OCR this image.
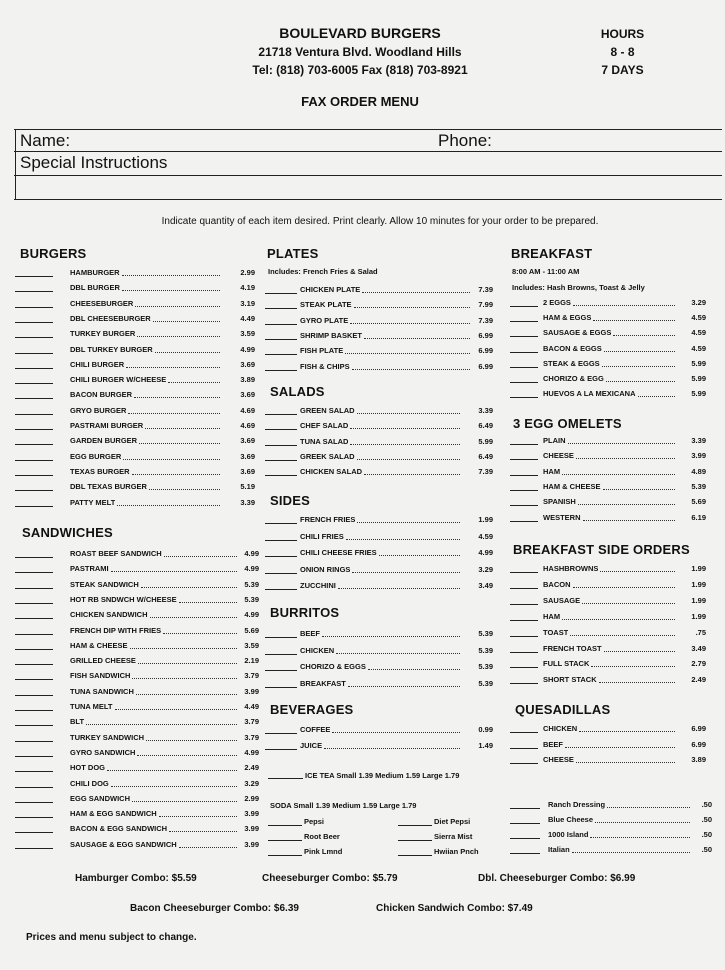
BOULEVARD BURGERS
21718 Ventura Blvd. Woodland Hills
Tel: (818) 703-6005 Fax (818) 703-8921
HOURS
8 - 8
7 DAYS
FAX ORDER MENU
Name:	Phone:
Special Instructions
Indicate quantity of each item desired. Print clearly. Allow 10 minutes for your order to be prepared.
BURGERS
SANDWICHES
PLATES
Includes: French Fries & Salad
SALADS
SIDES
BURRITOS
BEVERAGES
BREAKFAST
8:00 AM - 11:00 AM
Includes: Hash Browns, Toast & Jelly
3 EGG OMELETS
BREAKFAST SIDE ORDERS
QUESADILLAS
HAMBURGER	2.99
DBL BURGER	4.19
CHEESEBURGER	3.19
DBL CHEESEBURGER	4.49
TURKEY BURGER	3.59
DBL TURKEY BURGER	4.99
CHILI BURGER	3.69
CHILI BURGER W/CHEESE	3.89
BACON BURGER	3.69
GRYO BURGER	4.69
PASTRAMI BURGER	4.69
GARDEN BURGER	3.69
EGG BURGER	3.69
TEXAS BURGER	3.69
DBL TEXAS BURGER	5.19
PATTY MELT	3.39
ROAST BEEF SANDWICH	4.99
PASTRAMI	4.99
STEAK SANDWICH	5.39
HOT RB SNDWCH W/CHEESE	5.39
CHICKEN SANDWICH	4.99
FRENCH DIP WITH FRIES	5.69
HAM & CHEESE	3.59
GRILLED CHEESE	2.19
FISH SANDWICH	3.79
TUNA SANDWICH	3.99
TUNA MELT	4.49
BLT	3.79
TURKEY SANDWICH	3.79
GYRO SANDWICH	4.99
HOT DOG	2.49
CHILI DOG	3.29
EGG SANDWICH	2.99
HAM & EGG SANDWICH	3.99
BACON & EGG SANDWICH	3.99
SAUSAGE & EGG SANDWICH	3.99
CHICKEN PLATE	7.39
STEAK PLATE	7.99
GYRO PLATE	7.39
SHRIMP BASKET	6.99
FISH PLATE	6.99
FISH & CHIPS	6.99
GREEN SALAD	3.39
CHEF SALAD	6.49
TUNA SALAD	5.99
GREEK SALAD	6.49
CHICKEN SALAD	7.39
FRENCH FRIES	1.99
CHILI FRIES	4.59
CHILI CHEESE FRIES	4.99
ONION RINGS	3.29
ZUCCHINI	3.49
BEEF	5.39
CHICKEN	5.39
CHORIZO & EGGS	5.39
BREAKFAST	5.39
COFFEE	0.99
JUICE	1.49
2 EGGS	3.29
HAM & EGGS	4.59
SAUSAGE & EGGS	4.59
BACON & EGGS	4.59
STEAK & EGGS	5.99
CHORIZO & EGG	5.99
HUEVOS A LA MEXICANA	5.99
PLAIN	3.39
CHEESE	3.99
HAM	4.89
HAM & CHEESE	5.39
SPANISH	5.69
WESTERN	6.19
HASHBROWNS	1.99
BACON	1.99
SAUSAGE	1.99
HAM	1.99
TOAST	.75
FRENCH TOAST	3.49
FULL STACK	2.79
SHORT STACK	2.49
CHICKEN	6.99
BEEF	6.99
CHEESE	3.89
ICE TEA Small 1.39 Medium 1.59 Large 1.79
SODA Small 1.39 Medium 1.59 Large 1.79
Pepsi	Diet Pepsi
Root Beer	Sierra Mist
Pink Lmnd	Hwiian Pnch
Ranch Dressing	.50
Blue Cheese	.50
1000 Island	.50
Italian	.50
Hamburger Combo: $5.59	Cheeseburger Combo: $5.79	Dbl. Cheeseburger Combo: $6.99
Bacon Cheeseburger Combo: $6.39	Chicken Sandwich Combo: $7.49
Prices and menu subject to change.
